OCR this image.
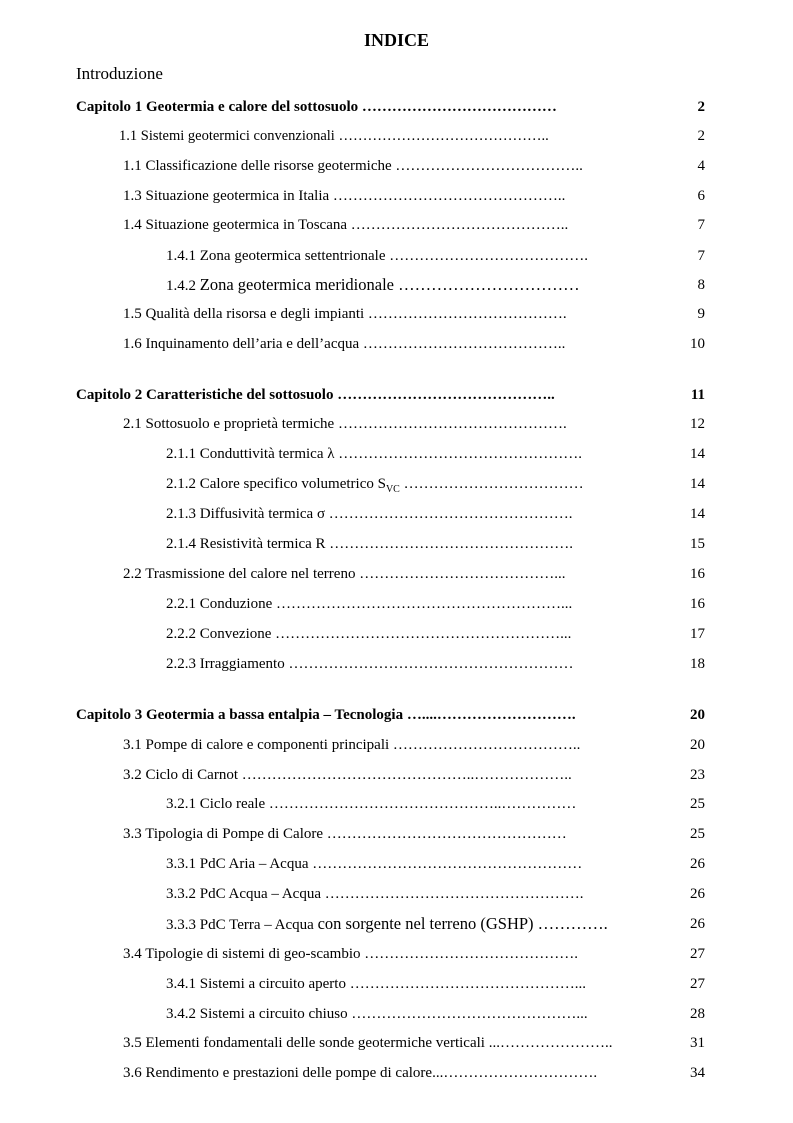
INDICE
Introduzione
Capitolo 1 Geotermia e calore del sottosuolo …………………………………	2
1.1 Sistemi geotermici convenzionali ……………………………………..	2
1.1 Classificazione delle risorse geotermiche ………………………………..	4
1.3 Situazione geotermica in Italia ………………………………………..	6
1.4 Situazione geotermica in Toscana ……………………………………..	7
1.4.1 Zona geotermica settentrionale ………………………………….	7
1.4.2 Zona geotermica meridionale ……………………………	8
1.5 Qualità della risorsa e degli impianti ………………………………….	9
1.6 Inquinamento dell’aria e dell’acqua …………………………………..	10
Capitolo 2 Caratteristiche del sottosuolo ……………………………………..	11
2.1 Sottosuolo e proprietà termiche ……………………………………….	12
2.1.1 Conduttività termica λ ………………………………………….	14
2.1.2 Calore specifico volumetrico $S_{VC}$ ………………………………	14
2.1.3 Diffusività termica σ ………………………………………….	14
2.1.4 Resistività termica R ………………………………………….	15
2.2 Trasmissione del calore nel terreno …………………………………...	16
2.2.1 Conduzione …………………………………………………...	16
2.2.2 Convezione …………………………………………………...	17
2.2.3 Irraggiamento …………………………………………………	18
Capitolo 3 Geotermia a bassa entalpia – Tecnologia …....……………………….	20
3.1 Pompe di calore e componenti principali ………………………………..	20
3.2 Ciclo di Carnot ………………………………………..………………..	23
3.2.1 Ciclo reale ………………………………………..……………	25
3.3 Tipologia di Pompe di Calore …………………………………………	25
3.3.1 PdC Aria – Acqua ………………………………………………	26
3.3.2 PdC Acqua – Acqua …………………………………………….	26
3.3.3 PdC Terra – Acqua con sorgente nel terreno (GSHP) ………….	26
3.4 Tipologie di sistemi di geo-scambio …………………………………….	27
3.4.1 Sistemi a circuito aperto ………………………………………...	27
3.4.2 Sistemi a circuito chiuso ………………………………………...	28
3.5 Elementi fondamentali delle sonde geotermiche verticali ...…………………..	31
3.6 Rendimento e prestazioni delle pompe di calore...………………………….	34
